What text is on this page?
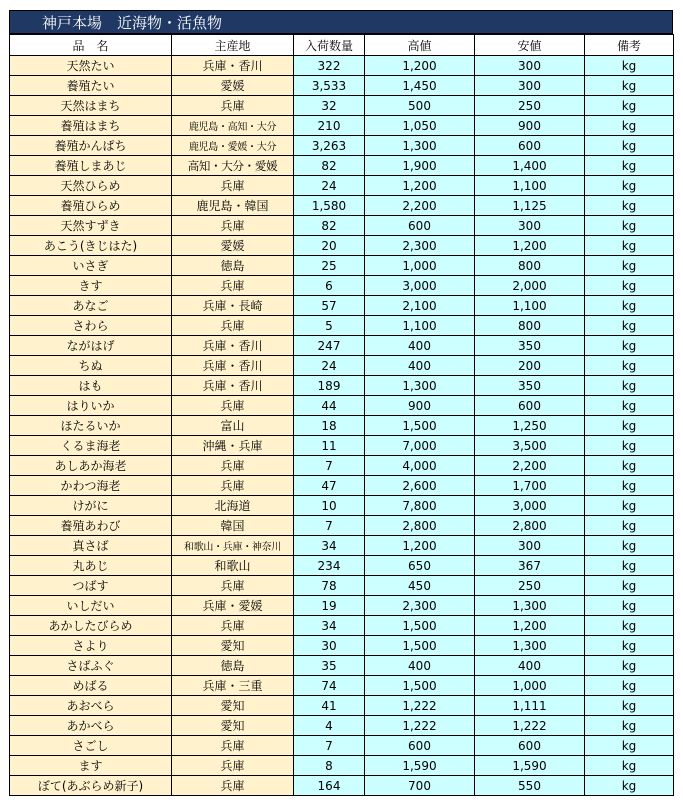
神戸本場　近海物・活魚物
品　名	主産地	入荷数量	高値	安値	備考
天然たい	兵庫・香川	322	1,200	300	kg
養殖たい	愛媛	3,533	1,450	300	kg
天然はまち	兵庫	32	500	250	kg
養殖はまち	鹿児島・高知・大分	210	1,050	900	kg
養殖かんぱち	鹿児島・愛媛・大分	3,263	1,300	600	kg
養殖しまあじ	高知・大分・愛媛	82	1,900	1,400	kg
天然ひらめ	兵庫	24	1,200	1,100	kg
養殖ひらめ	鹿児島・韓国	1,580	2,200	1,125	kg
天然すずき	兵庫	82	600	300	kg
あこう(きじはた)	愛媛	20	2,300	1,200	kg
いさぎ	徳島	25	1,000	800	kg
きす	兵庫	6	3,000	2,000	kg
あなご	兵庫・長崎	57	2,100	1,100	kg
さわら	兵庫	5	1,100	800	kg
ながはげ	兵庫・香川	247	400	350	kg
ちぬ	兵庫・香川	24	400	200	kg
はも	兵庫・香川	189	1,300	350	kg
はりいか	兵庫	44	900	600	kg
ほたるいか	富山	18	1,500	1,250	kg
くるま海老	沖縄・兵庫	11	7,000	3,500	kg
あしあか海老	兵庫	7	4,000	2,200	kg
かわつ海老	兵庫	47	2,600	1,700	kg
けがに	北海道	10	7,800	3,000	kg
養殖あわび	韓国	7	2,800	2,800	kg
真さば	和歌山・兵庫・神奈川	34	1,200	300	kg
丸あじ	和歌山	234	650	367	kg
つばす	兵庫	78	450	250	kg
いしだい	兵庫・愛媛	19	2,300	1,300	kg
あかしたびらめ	兵庫	34	1,500	1,200	kg
さより	愛知	30	1,500	1,300	kg
さばふぐ	徳島	35	400	400	kg
めばる	兵庫・三重	74	1,500	1,000	kg
あおべら	愛知	41	1,222	1,111	kg
あかべら	愛知	4	1,222	1,222	kg
さごし	兵庫	7	600	600	kg
ます	兵庫	8	1,590	1,590	kg
ぼて(あぶらめ新子)	兵庫	164	700	550	kg
